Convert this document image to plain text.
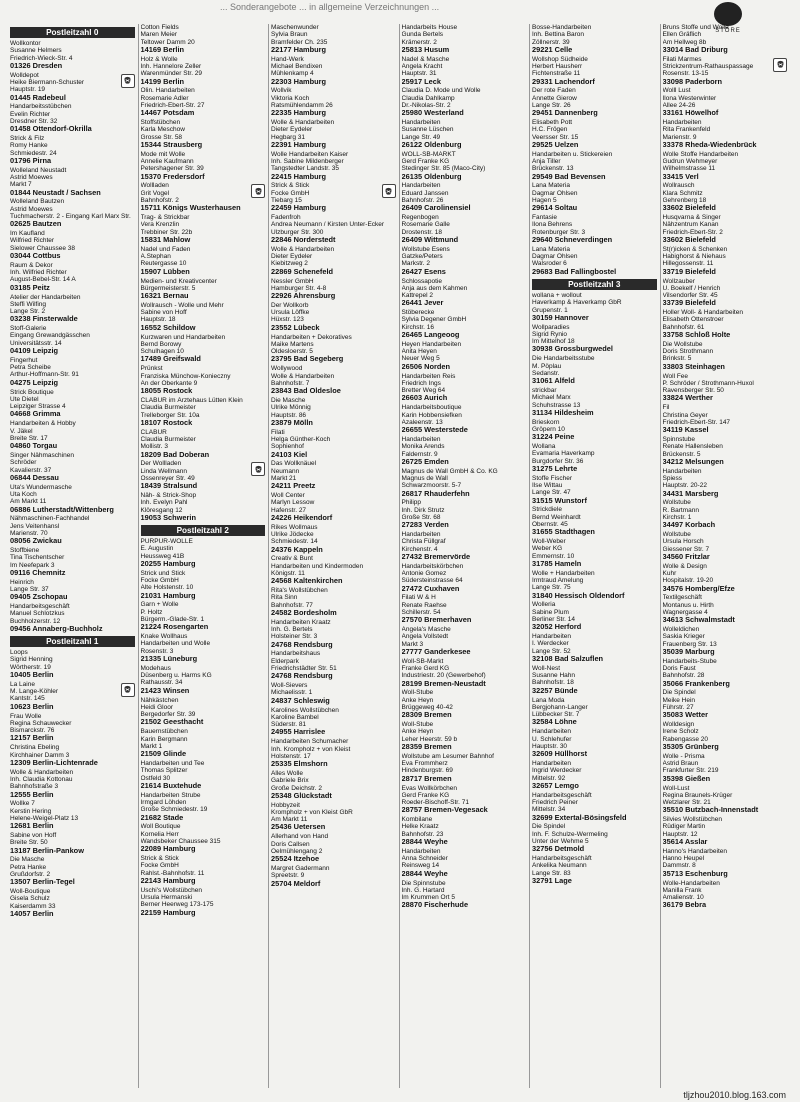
... Sonderangebote ... in allgemeine Verzeichnungen ...
STORE
Postleitzahl 0
Wollkontor
Susanne Helmers
Friedrich-Wieck-Str. 4
01326 Dresden
Wolldepot
Heike Biermann-Schuster
Hauptstr. 19
01445 Radebeul
Handarbeitsstübchen
Evelin Richter
Dresdner Str. 32
01458 Ottendorf-Okrilla
Strick & Filz
Romy Hanke
Schmiedestr. 24
01796 Pirna
Wolleland Neustadt
Astrid Moewes
Markt 7
01844 Neustadt / Sachsen
Wolleland Bautzen
Astrid Moewes
Tuchmacherstr. 2 - Eingang Karl Marx Str.
02625 Bautzen
Im Kaufland
Wilfried Richter
Sielower Chaussee 38
03044 Cottbus
Raum & Dekor
Inh. Wilfried Richter
August-Bebel-Str. 14 A
03185 Peitz
Atelier der Handarbeiten
Steffi Wilfing
Lange Str. 2
03238 Finsterwalde
Stoff-Galerie
Eingang Grewandgässchen
Universitätsstr. 14
04109 Leipzig
Fingerhut
Petra Scheibe
Arthur-Hoffmann-Str. 91
04275 Leipzig
Strick Boutique
Ute Dietel
Leipziger Strasse 4
04668 Grimma
Handarbeiten & Hobby
V. Jäkel
Breite Str. 17
04860 Torgau
Singer Nähmaschinen
Schröder
Kavalierstr. 37
06844 Dessau
Uta's Wundermasche
Uta Koch
Am Markt 11
06886 Lutherstadt/Wittenberg
Nähmaschinen-Fachhandel
Jens Veitenhansl
Marienstr. 70
08056 Zwickau
Stoffbiene
Tina Tischentscher
Im Neefepark 3
09116 Chemnitz
Heinrich
Lange Str. 37
09405 Zschopau
Handarbeitsgeschäft
Manuel Schlotzkus
Buchholzerstr. 12
09456 Annaberg-Buchholz
Postleitzahl 1
Loops
Sigrid Henning
Wörtherstr. 19
10405 Berlin
La Laine
M. Lange-Köhler
Kantstr. 145
10623 Berlin
Frau Wolle
Regina Schauwecker
Bismarckstr. 76
12157 Berlin
Christina Ebeling
Kirchhainer Damm 3
12309 Berlin-Lichtenrade
Wolle & Handarbeiten
Inh. Claudia Kottonau
Bahnhofstraße 3
12555 Berlin
Wollke 7
Kerstin Hering
Helene-Weigel-Platz 13
12681 Berlin
Sabine von Hoff
Breite Str. 50
13187 Berlin-Pankow
Die Masche
Petra Hanke
Grußdorfstr. 2
13507 Berlin-Tegel
Woll-Boutique
Gisela Schulz
Kaiserdamm 33
14057 Berlin
Cotton Fields
Maren Meier
Teltower Damm 20
14169 Berlin
Holz & Wolle
Inh. Hannelore Zeller
Warenmünder Str. 29
14199 Berlin
Olin. Handarbeiten
Rosemarie Adler
Friedrich-Ebert-Str. 27
14467 Potsdam
Stoffstübchen
Karla Meschow
Grosse Str. 58
15344 Strausberg
Mode mit Wolle
Annelie Kaufmann
Petershagener Str. 39
15370 Fredersdorf
Wollladen
Grit Vogel
Bahnhofstr. 2
15711 Königs Wusterhausen
Trag- & Strickbar
Vera Krenzlin
Trebbiner Str. 22b
15831 Mahlow
Nadel und Faden
A.Stephan
Reutergasse 10
15907 Lübben
Medien- und Kreativcenter
Bürgermeisterstr. 5
16321 Bernau
Wollrausch - Wolle und Mehr
Sabine von Hoff
Hauptstr. 18
16552 Schildow
Kurzwaren und Handarbeiten
Bernd Borowy
Schulhagen 10
17489 Greifswald
Prünkst
Franziska Münchow-Konieczny
An der Oberkante 9
18055 Rostock
CLABUR im Ärztehaus Lütten Klein
Claudia Burmeister
Trelleborger Str. 10a
18107 Rostock
CLABUR
Claudia Burmeister
Mollistr. 3
18209 Bad Doberan
Der Wollladen
Linda Wellmann
Ossenreyer Str. 49
18439 Stralsund
Näh- & Strick-Shop
Inh. Evelyn Pahl
Klöresgang 12
19053 Schwerin
Postleitzahl 2
PURPUR-WOLLE
E. Augustin
Heussweg 41B
20255 Hamburg
Strick und Stick
Focke GmbH
Alte Holstenstr. 10
21031 Hamburg
Garn + Wolle
P. Holtz
Bürgerm.-Glade-Str. 1
21224 Rosengarten
Knake Wollhaus
Handarbeiten und Wolle
Rosenstr. 3
21335 Lüneburg
Modehaus
Düsenberg u. Harms KG
Rathausstr. 34
21423 Winsen
Nähkästchen
Heidi Gloor
Bergedorfer Str. 39
21502 Geesthacht
Bauernstübchen
Karin Bergmann
Markt 1
21509 Glinde
Handarbeiten und Tee
Thomas Splitzer
Ostfeld 30
21614 Buxtehude
Handarbeiten Strube
Irmgard Löhden
Große Schmiedestr. 19
21682 Stade
Woll Boutique
Kornelia Herr
Wandsbeker Chaussee 315
22089 Hamburg
Strick & Stick
Focke GmbH
Rahlst.-Bahnhofstr. 11
22143 Hamburg
Uschi's Wollstübchen
Ursula Hermanski
Berner Heerweg 173-175
22159 Hamburg
Maschenwunder
Sylvia Braun
Bramfelder Ch. 235
22177 Hamburg
Hand-Werk
Michael Bendixen
Mühlenkamp 4
22303 Hamburg
Wollvik
Viktoria Koch
Ratsmühlendamm 26
22335 Hamburg
Wolle & Handarbeiten
Dieter Eydeler
Hegbarg 31
22391 Hamburg
Wolle Handarbeiten Kaiser
Inh. Sabine Mildenberger
Tangstedter Landstr. 35
22415 Hamburg
Strick & Stick
Focke GmbH
Tiebarg 15
22459 Hamburg
Fadenfroh
Andrea Neumann / Kirsten Unter-Ecker
Ulzburger Str. 300
22846 Norderstedt
Wolle & Handarbeiten
Dieter Eydeler
Kiebitzweg 2
22869 Schenefeld
Nessler GmbH
Hamburger Str. 4-8
22926 Ahrensburg
Der Wollkorb
Ursula Löffke
Hüxstr. 123
23552 Lübeck
Handarbeiten + Dekoratives
Maike Martens
Oldesloerstr. 5
23795 Bad Segeberg
Wollywood
Wolle & Handarbeiten
Bahnhofstr. 7
23843 Bad Oldesloe
Die Masche
Ulrike Mönnig
Hauptstr. 86
23879 Mölln
Filati
Helga Günther-Koch
Sophienhof
24103 Kiel
Das Wollknäuel
Neumann
Markt 21
24211 Preetz
Woll Center
Marlyn Lessow
Hafenstr. 27
24226 Heikendorf
Rikes Wollmaus
Ulrike Jödecke
Schmiedestr. 14
24376 Kappeln
Creativ & Bunt
Handarbeiten und Kindermoden
Königstr. 11
24568 Kaltenkirchen
Rita's Wollstübchen
Rita Sinn
Bahnhofstr. 77
24582 Bordesholm
Handarbeiten Kraatz
Inh. G. Bertels
Holsteiner Str. 3
24768 Rendsburg
Handarbeitshaus
Elderpark
Friedrichstädter Str. 51
24768 Rendsburg
Woll-Sievers
Michaelisstr. 1
24837 Schleswig
Karolines Wollstübchen
Karoline Bambel
Süderstr. 81
24955 Harrislee
Handarbeiten Schumacher
Inh. Krompholz + von Kleist
Holstenstr. 17
25335 Elmshorn
Alles Wolle
Gabriele Brix
Große Deichstr. 2
25348 Glückstadt
Hobbyzeit
Krompholz + von Kleist GbR
Am Markt 11
25436 Uetersen
Allerhand von Hand
Doris Callsen
Oelmühlengang 2
25524 Itzehoe
Margret Gadermann
Spreetstr. 9
25704 Meldorf
Handarbeits House
Gunda Bertels
Krämerstr. 2
25813 Husum
Nadel & Masche
Angela Kracht
Hauptstr. 31
25917 Leck
Claudia D. Mode und Wolle
Claudia Dahlkamp
Dr.-Nikolas-Str. 2
25980 Westerland
Handarbeiten
Susanne Lüschen
Lange Str. 49
26122 Oldenburg
WOLL-SB-MARKT
Gerd Franke KG
Stedinger Str. 85 (Maco-City)
26135 Oldenburg
Handarbeiten
Eduard Janssen
Bahnhofstr. 26
26409 Carolinensiel
Regenbogen
Rosemarie Galle
Drostenstr. 18
26409 Wittmund
Wollstube Esens
Gatzke/Peters
Markstr. 2
26427 Esens
Schlossapotie
Anja aus dem Kahmen
Kattrepel 2
26441 Jever
Stöberecke
Sylvia Degener GmbH
Kirchstr. 16
26465 Langeoog
Heyen Handarbeiten
Anita Heyen
Neuer Weg 5
26506 Norden
Handarbeiten Reis
Friedrich Ings
Bretter Weg 64
26603 Aurich
Handarbeitsboutique
Karin Hobbensiefken
Azaleenstr. 13
26655 Westerstede
Handarbeiten
Monika Arends
Faldernstr. 9
26725 Emden
Magnus de Wall GmbH & Co. KG
Magnus de Wall
Schwarzmoorstr. 5-7
26817 Rhauderfehn
Philipp
Inh. Dirk Strutz
Große Str. 68
27283 Verden
Handarbeiten
Christa Füllgraf
Kirchenstr. 4
27432 Bremervörde
Handarbeitskörbchen
Antonie Gomez
Südersteinstrasse 64
27472 Cuxhaven
Filati W & H
Renate Raehse
Schillerstr. 54
27570 Bremerhaven
Angela's Masche
Angela Vollstedt
Markt 3
27777 Ganderkesee
Woll-SB-Markt
Franke Gerd KG
Industriestr. 20 (Gewerbehof)
28199 Bremen-Neustadt
Woll-Stube
Anke Heyn
Brüggeweg 40-42
28309 Bremen
Woll-Stube
Anke Heyn
Leher Heerstr. 59 b
28359 Bremen
Wollstube am Lesumer Bahnhof
Eva Frommherz
Hindenburgstr. 69
28717 Bremen
Evas Wollkörbchen
Gerd Franke KG
Roeder-Bischoff-Str. 71
28757 Bremen-Vegesack
Kombilane
Helke Kraatz
Bahnhofstr. 23
28844 Weyhe
Handarbeiten
Anna Schneider
Reinsweg 14
28844 Weyhe
Die Spinnstube
Inh. G. Hartard
Im Krummen Ort 5
28870 Fischerhude
Bosse-Handarbeiten
Inh. Bettina Baron
Zöllnerstr. 39
29221 Celle
Wollshop Südheide
Herbert Hausherr
Fichtenstraße 11
29331 Lachendorf
Der rote Faden
Annette Gierow
Lange Str. 26
29451 Dannenberg
Elisabeth Pott
H.C. Frögen
Veersser Str. 15
29525 Uelzen
Handarbeiten u. Stickereien
Anja Tiller
Brückenstr. 13
29549 Bad Bevensen
Lana Materia
Dagmar Ohlsen
Hagen 5
29614 Soltau
Fantasie
Ilona Behrens
Rotenburger Str. 3
29640 Schneverdingen
Lana Materia
Dagmar Ohlsen
Walsroder 6
29683 Bad Fallingbostel
Postleitzahl 3
wollana + wollout
Haverkamp & Haverkamp GbR
Grupenstr. 1
30159 Hannover
Wollparadies
Sigrid Rynio
Im Mittelhof 18
30938 Grossburgwedel
Die Handarbeitsstube
M. Pöplau
Sedanstr.
31061 Alfeld
strickbar
Michael Marx
Schuhstrasse 13
31134 Hildesheim
Brieskorn
Gröpern 10
31224 Peine
Wollana
Evamaria Haverkamp
Burgdorfer Str. 36
31275 Lehrte
Stoffe Fischer
Ilse Wittau
Lange Str. 47
31515 Wunstorf
Strickdiele
Bernd Weinhardt
Obernstr. 45
31655 Stadthagen
Woll-Weber
Weber KG
Emmernstr. 10
31785 Hameln
Wolle + Handarbeiten
Irmtraud Amelung
Lange Str. 75
31840 Hessisch Oldendorf
Wolleria
Sabine Plum
Berliner Str. 14
32052 Herford
Handarbeiten
I. Werdecker
Lange Str. 52
32108 Bad Salzuflen
Woll-Nest
Susanne Hahn
Bahnhofstr. 18
32257 Bünde
Lana Moda
Bergjohann-Langer
Lübbecker Str. 7
32584 Löhne
Handarbeiten
U. Schlehufer
Hauptstr. 30
32609 Hüllhorst
Handarbeiten
Ingrid Werdecker
Mittelstr. 92
32657 Lemgo
Handarbeitsgeschäft
Friedrich Peiner
Mittelstr. 34
32699 Extertal-Bösingsfeld
Die Spindel
Inh. F. Schulze-Wermeling
Unter der Wehme 5
32756 Detmold
Handarbeitsgeschäft
Ankelika Neumann
Lange Str. 83
32791 Lage
Bruns Stoffe und Wolle
Ellen Gräflich
Am Hellweg 8b
33014 Bad Driburg
Filati Marmes
Strickzentrum-Rathauspassage
Rosenstr. 13-15
33098 Paderborn
Wolll Lust
Ilona Westerwinter
Allee 24-26
33161 Höwelhof
Handarbeiten
Rita Frankenfeld
Marienstr. 9
33378 Rheda-Wiedenbrück
Wolle Stoffe Handarbeiten
Gudrun Wehmeyer
Wilhelmstrasse 11
33415 Verl
Wollrausch
Klara Schmitz
Gehrenberg 18
33602 Bielefeld
Husqvarna & Singer
Nähzentrum Kanan
Friedrich-Ebert-Str. 2
33602 Bielefeld
St(r)icken & Schenken
Habighorst & Niehaus
Hillegossenstr. 11
33719 Bielefeld
Wollzauber
U. Boekelf / Henrich
Vilsendorfer Str. 45
33739 Bielefeld
Holler Woll- & Handarbeiten
Elisabeth Ottenstroer
Bahnhofstr. 61
33758 Schloß Holte
Die Wollstube
Doris Strothmann
Brinkstr. 5
33803 Steinhagen
Woll Fee
P. Schröder / Strothmann-Huxol
Ravensberger Str. 50
33824 Werther
Fil
Christina Geyer
Friedrich-Ebert-Str. 147
34119 Kassel
Spinnstube
Renate Hallensleben
Brückenstr. 5
34212 Melsungen
Handarbeiten
Spiess
Hauptstr. 20-22
34431 Marsberg
Wollstube
R. Bartmann
Kirchstr. 1
34497 Korbach
Wollstube
Ursula Horsch
Giessener Str. 7
34560 Fritzlar
Wolle & Design
Kuhr
Hospitalstr. 19-20
34576 Homberg/Efze
Textilgeschäft
Montanus u. Hirth
Wagnergasse 4
34613 Schwalmstadt
Wolleldichen
Saskia Krieger
Frauenberg Str. 13
35039 Marburg
Handarbeits-Stube
Doris Faust
Bahnhofstr. 28
35066 Frankenberg
Die Spindel
Meike Hein
Führstr. 27
35083 Wetter
Wolldesign
Irene Scholz
Rabengasse 20
35305 Grünberg
Wolle - Prisma
Astrid Braun
Frankfurter Str. 219
35398 Gießen
Woll-Lust
Regina Braunels-Krüger
Wetzlarer Str. 21
35510 Butzbach-Innenstadt
Silvies Wollstübchen
Rüdiger Martin
Hauptstr. 12
35614 Asslar
Hanno's Handarbeiten
Hanno Heupel
Dammstr. 8
35713 Eschenburg
Wolle-Handarbeiten
Manilla Frank
Amalienstr. 10
36179 Bebra
tljzhou2010.blog.163.com
